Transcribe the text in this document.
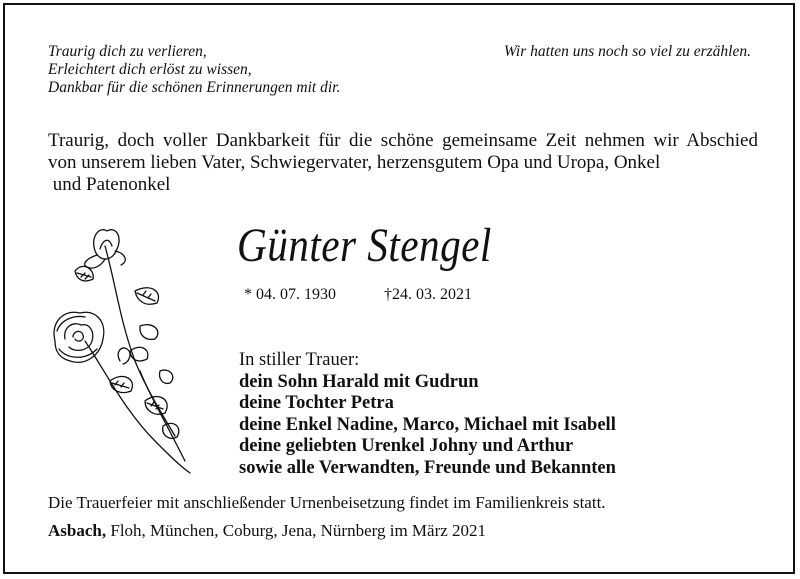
Traurig dich zu verlieren,
Erleichtert dich erlöst zu wissen,
Dankbar für die schönen Erinnerungen mit dir.
Wir hatten uns noch so viel zu erzählen.
Traurig, doch voller Dankbarkeit für die schöne gemeinsame Zeit nehmen wir Abschied
von unserem lieben Vater, Schwiegervater, herzensgutem Opa und Uropa, Onkel
und Patenonkel
Günter Stengel
* 04. 07. 1930	†24. 03. 2021
In stiller Trauer:
dein Sohn Harald mit Gudrun
deine Tochter Petra
deine Enkel Nadine, Marco, Michael mit Isabell
deine geliebten Urenkel Johny und Arthur
sowie alle Verwandten, Freunde und Bekannten
Die Trauerfeier mit anschließender Urnenbeisetzung findet im Familienkreis statt.
Asbach, Floh, München, Coburg, Jena, Nürnberg im März 2021
